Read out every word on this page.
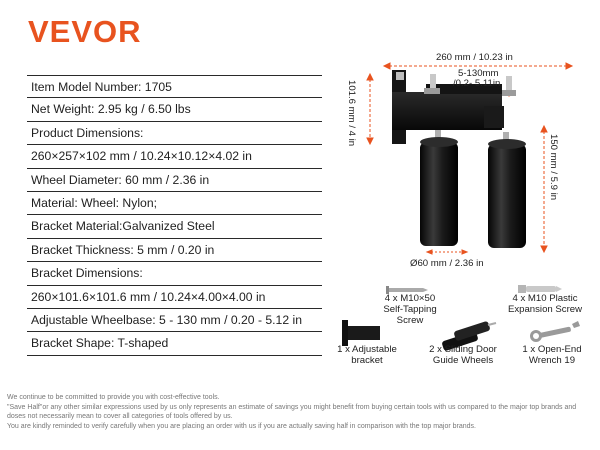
VEVOR
Item Model Number: 1705
Net Weight: 2.95 kg / 6.50 lbs
Product Dimensions:
260×257×102 mm / 10.24×10.12×4.02 in
Wheel Diameter: 60 mm / 2.36 in
Material: Wheel: Nylon;
Bracket Material:Galvanized Steel
Bracket Thickness: 5 mm / 0.20 in
Bracket Dimensions:
260×101.6×101.6 mm / 10.24×4.00×4.00 in
Adjustable Wheelbase: 5 - 130 mm / 0.20 - 5.12 in
Bracket Shape: T-shaped
260 mm / 10.23 in
5-130mm
/0.2- 5.11in
101.6 mm / 4 in
150 mm / 5.9 in
Ø60 mm / 2.36 in
4 x M10×50
Self-Tapping Screw
4 x M10 Plastic
Expansion Screw
1 x Adjustable
bracket
2 x Sliding Door
Guide Wheels
1 x Open-End
Wrench 19
We continue to be committed to provide you with cost-effective tools.
"Save Half"or any other similar expressions used by us only represents an estimate of savings you might benefit from buying certain tools with us compared to the major top brands and doses not necessarily mean to cover all categories of tools offered by us.
You are kindly reminded to verify carefully when you are placing an order with us if you are actually saving half in comparison with the top major brands.
